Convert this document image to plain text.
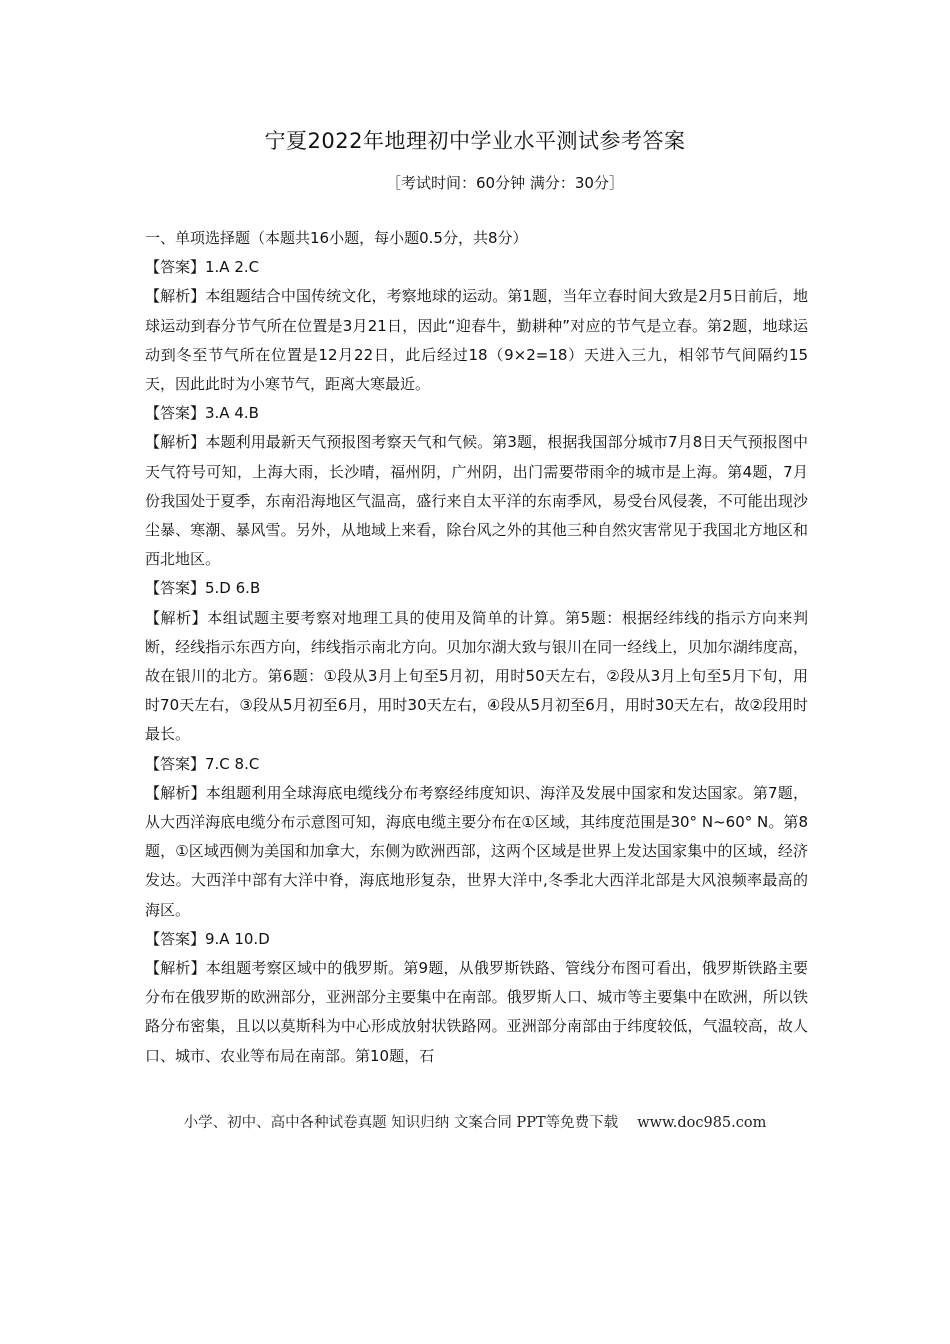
宁夏2022年地理初中学业水平测试参考答案
［考试时间：60分钟 满分：30分］

一、单项选择题（本题共16小题，每小题0.5分，共8分）

【答案】1.A 2.C

【解析】本组题结合中国传统文化，考察地球的运动。第1题，当年立春时间大致是2月5日前后，地球运动到春分节气所在位置是3月21日，因此“迎春牛，勤耕种”对应的节气是立春。第2题，地球运动到冬至节气所在位置是12月22日，此后经过18（9×2=18）天进入三九，相邻节气间隔约15天，因此此时为小寒节气，距离大寒最近。

【答案】3.A 4.B

【解析】本题利用最新天气预报图考察天气和气候。第3题，根据我国部分城市7月8日天气预报图中天气符号可知，上海大雨，长沙晴，福州阴，广州阴，出门需要带雨伞的城市是上海。第4题，7月份我国处于夏季，东南沿海地区气温高，盛行来自太平洋的东南季风，易受台风侵袭，不可能出现沙尘暴、寒潮、暴风雪。另外，从地域上来看，除台风之外的其他三种自然灾害常见于我国北方地区和西北地区。

【答案】5.D 6.B

【解析】本组试题主要考察对地理工具的使用及简单的计算。第5题：根据经纬线的指示方向来判断，经线指示东西方向，纬线指示南北方向。贝加尔湖大致与银川在同一经线上，贝加尔湖纬度高，故在银川的北方。第6题：①段从3月上旬至5月初，用时50天左右，②段从3月上旬至5月下旬，用时70天左右，③段从5月初至6月，用时30天左右，④段从5月初至6月，用时30天左右，故②段用时最长。

【答案】7.C 8.C

【解析】本组题利用全球海底电缆线分布考察经纬度知识、海洋及发展中国家和发达国家。第7题，从大西洋海底电缆分布示意图可知，海底电缆主要分布在①区域，其纬度范围是30° N~60° N。第8题，①区域西侧为美国和加拿大，东侧为欧洲西部，这两个区域是世界上发达国家集中的区域，经济发达。大西洋中部有大洋中脊，海底地形复杂，世界大洋中,冬季北大西洋北部是大风浪频率最高的海区。

【答案】9.A 10.D

【解析】本组题考察区域中的俄罗斯。第9题，从俄罗斯铁路、管线分布图可看出，俄罗斯铁路主要分布在俄罗斯的欧洲部分，亚洲部分主要集中在南部。俄罗斯人口、城市等主要集中在欧洲，所以铁路分布密集，且以以莫斯科为中心形成放射状铁路网。亚洲部分南部由于纬度较低，气温较高，故人口、城市、农业等布局在南部。第10题，石

小学、初中、高中各种试卷真题 知识归纳 文案合同 PPT等免费下载　 www.doc985.com
